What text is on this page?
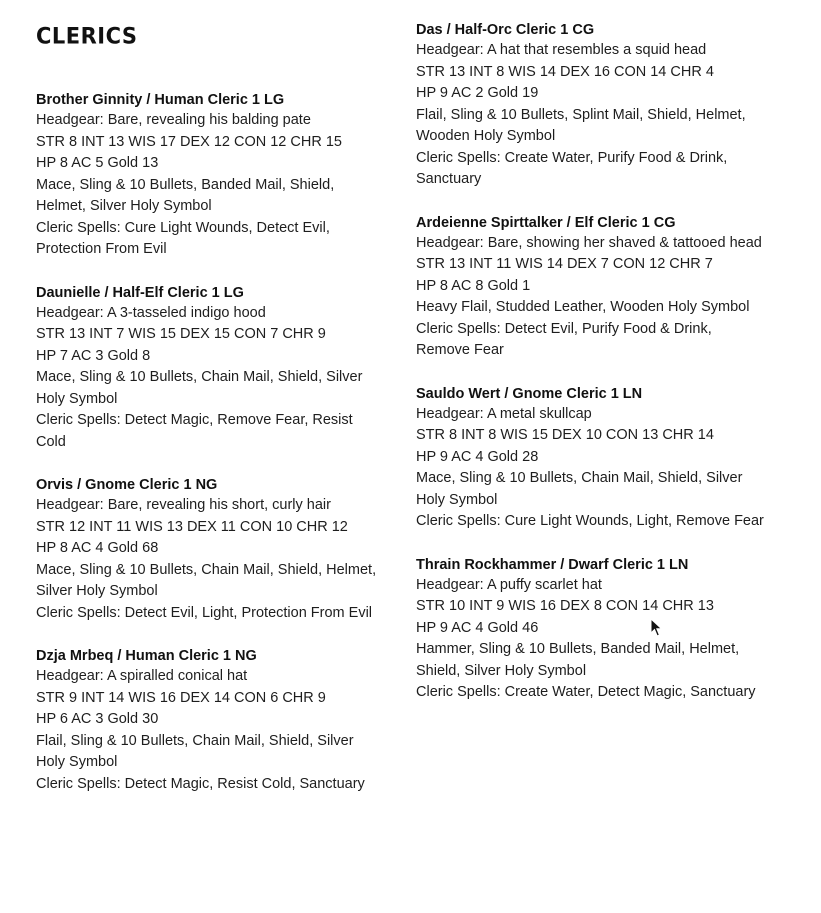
CLERICS
Brother Ginnity / Human Cleric 1 LG
Headgear: Bare, revealing his balding pate
STR 8 INT 13 WIS 17 DEX 12 CON 12 CHR 15
HP 8 AC 5 Gold 13
Mace, Sling & 10 Bullets, Banded Mail, Shield, Helmet, Silver Holy Symbol
Cleric Spells: Cure Light Wounds, Detect Evil, Protection From Evil
Daunielle / Half-Elf Cleric 1 LG
Headgear: A 3-tasseled indigo hood
STR 13 INT 7 WIS 15 DEX 15 CON 7 CHR 9
HP 7 AC 3 Gold 8
Mace, Sling & 10 Bullets, Chain Mail, Shield, Silver Holy Symbol
Cleric Spells: Detect Magic, Remove Fear, Resist Cold
Orvis / Gnome Cleric 1 NG
Headgear: Bare, revealing his short, curly hair
STR 12 INT 11 WIS 13 DEX 11 CON 10 CHR 12
HP 8 AC 4 Gold 68
Mace, Sling & 10 Bullets, Chain Mail, Shield, Helmet, Silver Holy Symbol
Cleric Spells: Detect Evil, Light, Protection From Evil
Dzja Mrbeq / Human Cleric 1 NG
Headgear: A spiralled conical hat
STR 9 INT 14 WIS 16 DEX 14 CON 6 CHR 9
HP 6 AC 3 Gold 30
Flail, Sling & 10 Bullets, Chain Mail, Shield, Silver Holy Symbol
Cleric Spells: Detect Magic, Resist Cold, Sanctuary
Das / Half-Orc Cleric 1 CG
Headgear: A hat that resembles a squid head
STR 13 INT 8 WIS 14 DEX 16 CON 14 CHR 4
HP 9 AC 2 Gold 19
Flail, Sling & 10 Bullets, Splint Mail, Shield, Helmet, Wooden Holy Symbol
Cleric Spells: Create Water, Purify Food & Drink, Sanctuary
Ardeienne Spirttalker / Elf Cleric 1 CG
Headgear: Bare, showing her shaved & tattooed head
STR 13 INT 11 WIS 14 DEX 7 CON 12 CHR 7
HP 8 AC 8 Gold 1
Heavy Flail, Studded Leather, Wooden Holy Symbol
Cleric Spells: Detect Evil, Purify Food & Drink, Remove Fear
Sauldo Wert / Gnome Cleric 1 LN
Headgear: A metal skullcap
STR 8 INT 8 WIS 15 DEX 10 CON 13 CHR 14
HP 9 AC 4 Gold 28
Mace, Sling & 10 Bullets, Chain Mail, Shield, Silver Holy Symbol
Cleric Spells: Cure Light Wounds, Light, Remove Fear
Thrain Rockhammer / Dwarf Cleric 1 LN
Headgear: A puffy scarlet hat
STR 10 INT 9 WIS 16 DEX 8 CON 14 CHR 13
HP 9 AC 4 Gold 46
Hammer, Sling & 10 Bullets, Banded Mail, Helmet, Shield, Silver Holy Symbol
Cleric Spells: Create Water, Detect Magic, Sanctuary
